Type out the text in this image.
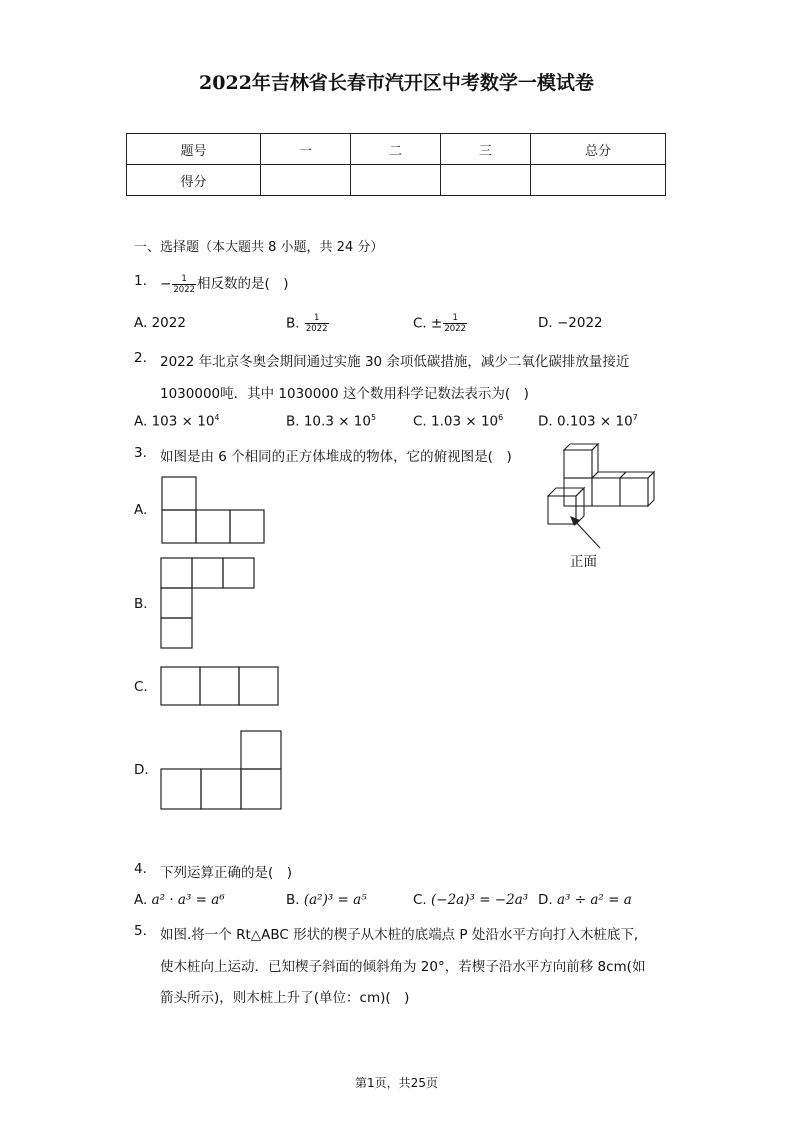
2022年吉林省长春市汽开区中考数学一模试卷
题号	一	二	三	总分
得分				
一、选择题（本大题共 8 小题，共 24 分）
1. − $\frac{1}{2022}$ 相反数的是(　)
A. 2022	B. $\frac{1}{2022}$	C. ± $\frac{1}{2022}$	D. −2022
2. 2022 年北京冬奥会期间通过实施 30 余项低碳措施，减少二氧化碳排放量接近
1030000吨．其中 1030000 这个数用科学记数法表示为(　)
A. $103 \times 10^4$	B. $10.3 \times 10^5$	C. $1.03 \times 10^6$	D. $0.103 \times 10^7$
3. 如图是由 6 个相同的正方体堆成的物体，它的俯视图是(　)
正面
A.
B.
C.
D.
4. 下列运算正确的是(　)
A. a² · a³ = a⁶	B. (a²)³ = a⁵	C. (−2a)³ = −2a³ D. a³ ÷ a² = a
5. 如图.将一个 Rt△ABC 形状的楔子从木桩的底端点 P 处沿水平方向打入木桩底下,
使木桩向上运动．已知楔子斜面的倾斜角为 20°，若楔子沿水平方向前移 8cm(如
箭头所示)，则木桩上升了(单位：cm)(　)
第1页，共25页
